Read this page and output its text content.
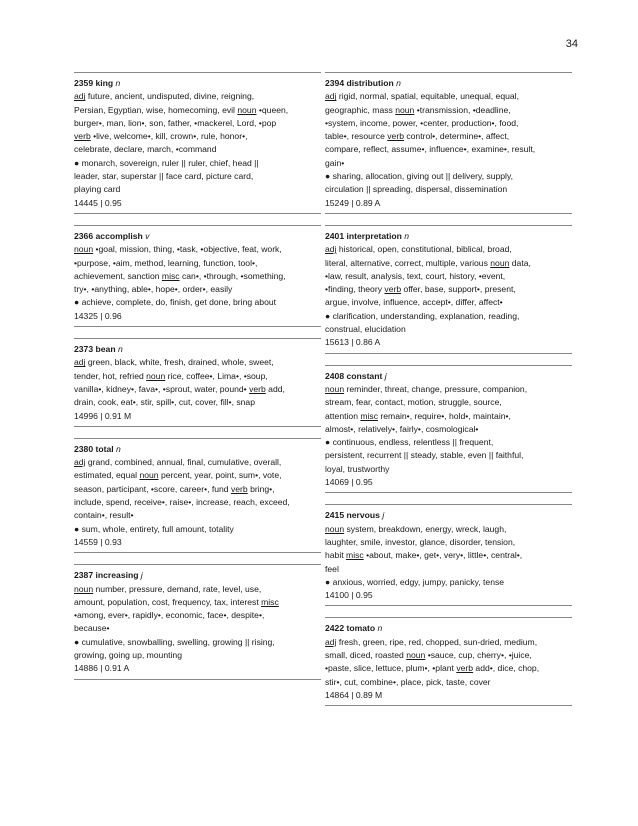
34

2359 king n

adj future, ancient, undisputed, divine, reigning,

Persian, Egyptian, wise, homecoming, evil noun •queen,

burger•, man, lion•, son, father, •mackerel, Lord, •pop

verb •live, welcome•, kill, crown•, rule, honor•,

celebrate, declare, march, •command

● monarch, sovereign, ruler || ruler, chief, head ||

leader, star, superstar || face card, picture card,

playing card

14445 | 0.95

2366 accomplish v

noun •goal, mission, thing, •task, •objective, feat, work,

•purpose, •aim, method, learning, function, tool•,

achievement, sanction misc can•, •through, •something,

try•, •anything, able•, hope•, order•, easily

● achieve, complete, do, finish, get done, bring about

14325 | 0.96

2373 bean n

adj green, black, white, fresh, drained, whole, sweet,

tender, hot, refried noun rice, coffee•, Lima•, •soup,

vanilla•, kidney•, fava•, •sprout, water, pound• verb add,

drain, cook, eat•, stir, spill•, cut, cover, fill•, snap

14996 | 0.91 M

2380 total n

adj grand, combined, annual, final, cumulative, overall,

estimated, equal noun percent, year, point, sum•, vote,

season, participant, •score, career•, fund verb bring•,

include, spend, receive•, raise•, increase, reach, exceed,

contain•, result•

● sum, whole, entirety, full amount, totality

14559 | 0.93

2387 increasing j

noun number, pressure, demand, rate, level, use,

amount, population, cost, frequency, tax, interest misc

•among, ever•, rapidly•, economic, face•, despite•,

because•

● cumulative, snowballing, swelling, growing || rising,

growing, going up, mounting

14886 | 0.91 A

2394 distribution n

adj rigid, normal, spatial, equitable, unequal, equal,

geographic, mass noun •transmission, •deadline,

•system, income, power, •center, production•, food,

table•, resource verb control•, determine•, affect,

compare, reflect, assume•, influence•, examine•, result,

gain•

● sharing, allocation, giving out || delivery, supply,

circulation || spreading, dispersal, dissemination

15249 | 0.89 A

2401 interpretation n

adj historical, open, constitutional, biblical, broad,

literal, alternative, correct, multiple, various noun data,

•law, result, analysis, text, court, history, •event,

•finding, theory verb offer, base, support•, present,

argue, involve, influence, accept•, differ, affect•

● clarification, understanding, explanation, reading,

construal, elucidation

15613 | 0.86 A

2408 constant j

noun reminder, threat, change, pressure, companion,

stream, fear, contact, motion, struggle, source,

attention misc remain•, require•, hold•, maintain•,

almost•, relatively•, fairly•, cosmological•

● continuous, endless, relentless || frequent,

persistent, recurrent || steady, stable, even || faithful,

loyal, trustworthy

14069 | 0.95

2415 nervous j

noun system, breakdown, energy, wreck, laugh,

laughter, smile, investor, glance, disorder, tension,

habit misc •about, make•, get•, very•, little•, central•,

feel

● anxious, worried, edgy, jumpy, panicky, tense

14100 | 0.95

2422 tomato n

adj fresh, green, ripe, red, chopped, sun-dried, medium,

small, diced, roasted noun •sauce, cup, cherry•, •juice,

•paste, slice, lettuce, plum•, •plant verb add•, dice, chop,

stir•, cut, combine•, place, pick, taste, cover

14864 | 0.89 M
